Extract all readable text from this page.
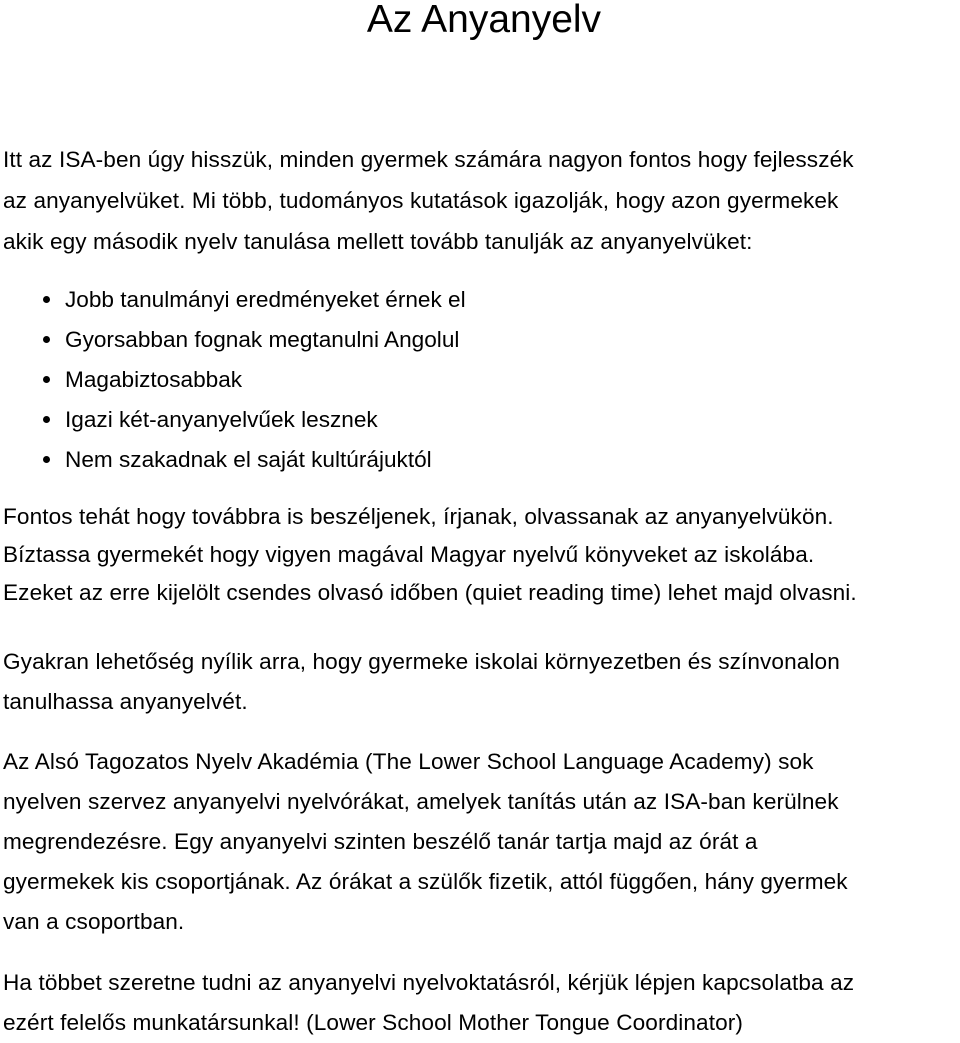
Az Anyanyelv

Itt az ISA-ben úgy hisszük, minden gyermek számára nagyon fontos hogy fejlesszék
az anyanyelvüket. Mi több, tudományos kutatások igazolják, hogy azon gyermekek
akik egy második nyelv tanulása mellett tovább tanulják az anyanyelvüket:

Jobb tanulmányi eredményeket érnek el
Gyorsabban fognak megtanulni Angolul
Magabiztosabbak
Igazi két-anyanyelvűek lesznek
Nem szakadnak el saját kultúrájuktól

Fontos tehát hogy továbbra is beszéljenek, írjanak, olvassanak az anyanyelvükön.
Bíztassa gyermekét hogy vigyen magával Magyar nyelvű könyveket az iskolába.
Ezeket az erre kijelölt csendes olvasó időben (quiet reading time) lehet majd olvasni.

Gyakran lehetőség nyílik arra, hogy gyermeke iskolai környezetben és színvonalon
tanulhassa anyanyelvét.

Az Alsó Tagozatos Nyelv Akadémia (The Lower School Language Academy) sok
nyelven szervez anyanyelvi nyelvórákat, amelyek tanítás után az ISA-ban kerülnek
megrendezésre. Egy anyanyelvi szinten beszélő tanár tartja majd az órát a
gyermekek kis csoportjának. Az órákat a szülők fizetik, attól függően, hány gyermek
van a csoportban.

Ha többet szeretne tudni az anyanyelvi nyelvoktatásról, kérjük lépjen kapcsolatba az
ezért felelős munkatársunkal! (Lower School Mother Tongue Coordinator)
